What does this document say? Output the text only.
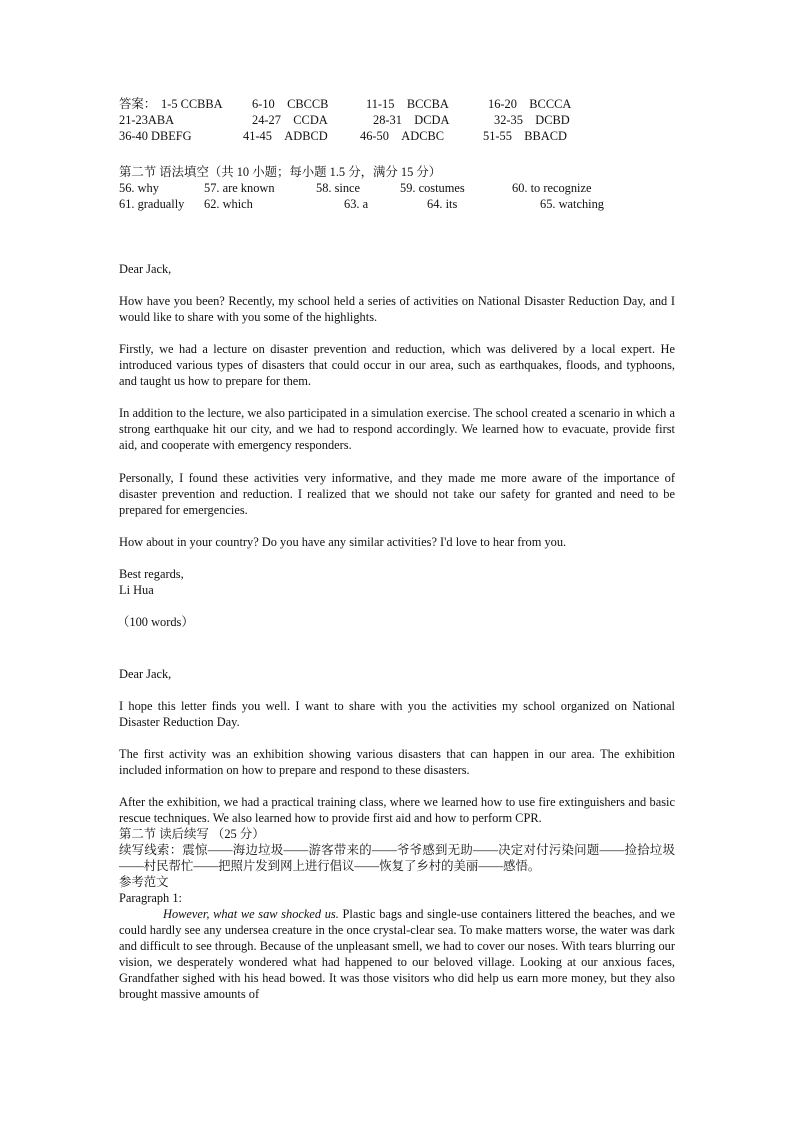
答案： 1-5 CCBBA 6-10　CBCCB	11-15　BCCBA	16-20　BCCCA
21-23ABA	24-27　CCDA	28-31　DCDA	32-35　DCBD
36-40 DBEFG	41-45　ADBCD	46-50　ADCBC	51-55　BBACD
第二节 语法填空（共 10 小题；每小题 1.5 分，满分 15 分）
56. why	57. are known	58. since	59. costumes	60. to recognize
61. gradually 62. which	63. a	64. its	65. watching

Dear Jack,

How have you been? Recently, my school held a series of activities on National Disaster Reduction Day, and I would like to share with you some of the highlights.

Firstly, we had a lecture on disaster prevention and reduction, which was delivered by a local expert. He introduced various types of disasters that could occur in our area, such as earthquakes, floods, and typhoons, and taught us how to prepare for them.

In addition to the lecture, we also participated in a simulation exercise. The school created a scenario in which a strong earthquake hit our city, and we had to respond accordingly. We learned how to evacuate, provide first aid, and cooperate with emergency responders.

Personally, I found these activities very informative, and they made me more aware of the importance of disaster prevention and reduction. I realized that we should not take our safety for granted and need to be prepared for emergencies.

How about in your country? Do you have any similar activities? I'd love to hear from you.

Best regards,

Li Hua

（100 words）

Dear Jack,

I hope this letter finds you well. I want to share with you the activities my school organized on National Disaster Reduction Day.

The first activity was an exhibition showing various disasters that can happen in our area. The exhibition included information on how to prepare and respond to these disasters.

After the exhibition, we had a practical training class, where we learned how to use fire extinguishers and basic rescue techniques. We also learned how to provide first aid and how to perform CPR.

第二节 读后续写 （25 分）

续写线索：震惊——海边垃圾——游客带来的——爷爷感到无助——决定对付污染问题——捡拾垃圾——村民帮忙——把照片发到网上进行倡议——恢复了乡村的美丽——感悟。

参考范文

Paragraph 1:

However, what we saw shocked us. Plastic bags and single-use containers littered the beaches, and we could hardly see any undersea creature in the once crystal-clear sea. To make matters worse, the water was dark and difficult to see through. Because of the unpleasant smell, we had to cover our noses. With tears blurring our vision, we desperately wondered what had happened to our beloved village. Looking at our anxious faces, Grandfather sighed with his head bowed. It was those visitors who did help us earn more money, but they also brought massive amounts of
